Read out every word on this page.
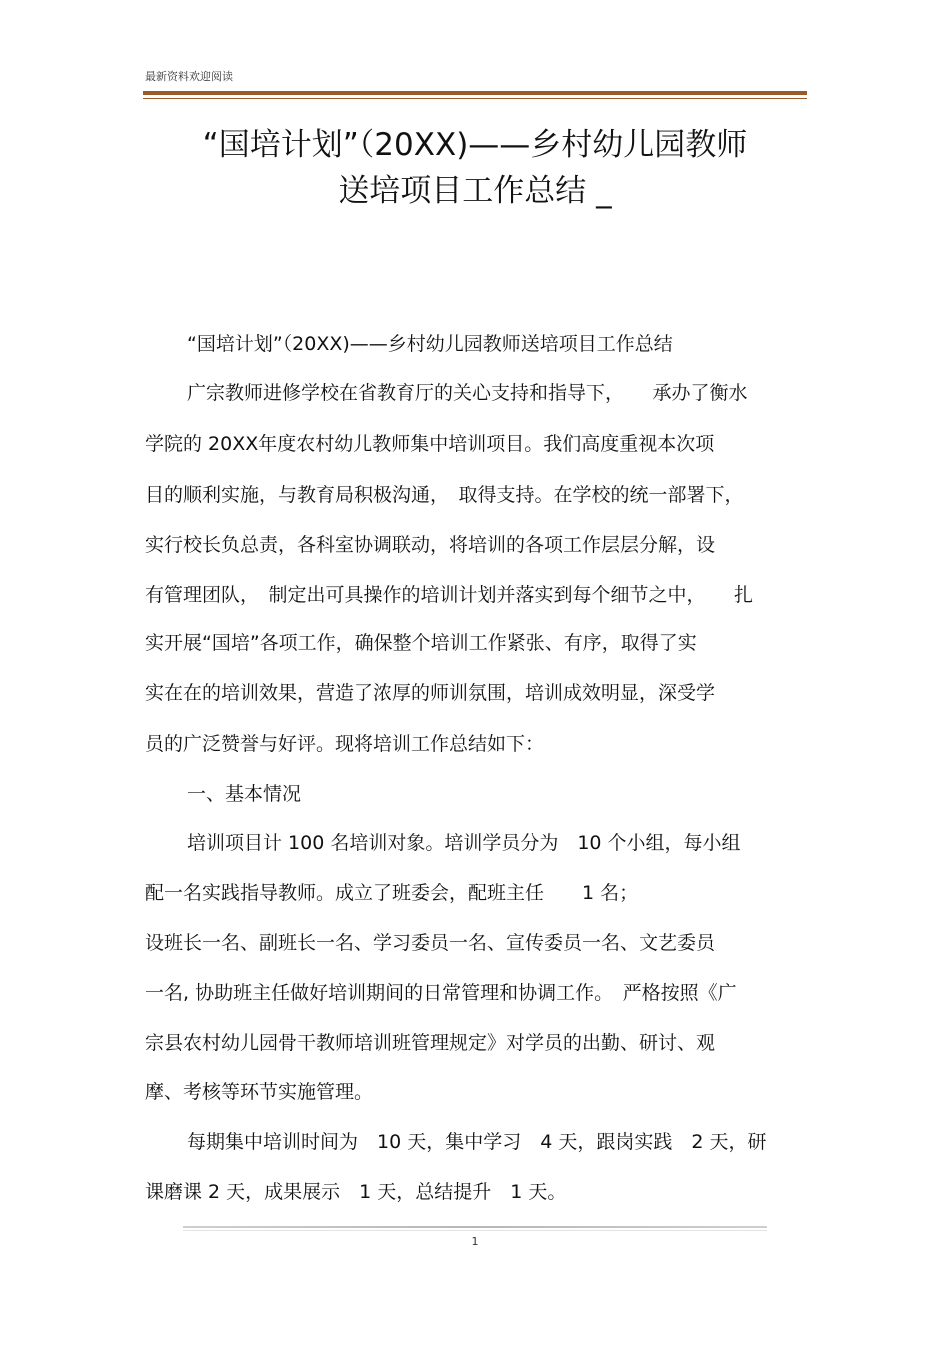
最新资料欢迎阅读
“国培计划”（20XX)——乡村幼儿园教师
送培项目工作总结 _
“国培计划”（20XX)——乡村幼儿园教师送培项目工作总结
广宗教师进修学校在省教育厅的关心支持和指导下，　　承办了衡水
学院的 20XX年度农村幼儿教师集中培训项目。我们高度重视本次项
目的顺利实施，与教育局积极沟通，　取得支持。在学校的统一部署下，
实行校长负总责，各科室协调联动，将培训的各项工作层层分解，设
有管理团队，　制定出可具操作的培训计划并落实到每个细节之中，　　扎
实开展“国培”各项工作，确保整个培训工作紧张、有序，取得了实
实在在的培训效果，营造了浓厚的师训氛围，培训成效明显，深受学
员的广泛赞誉与好评。现将培训工作总结如下：
一、基本情况
培训项目计 100 名培训对象。培训学员分为　10 个小组，每小组
配一名实践指导教师。成立了班委会，配班主任　　1 名；
设班长一名、副班长一名、学习委员一名、宣传委员一名、文艺委员
一名, 协助班主任做好培训期间的日常管理和协调工作。　严格按照《广
宗县农村幼儿园骨干教师培训班管理规定》对学员的出勤、研讨、观
摩、考核等环节实施管理。
每期集中培训时间为　10 天，集中学习　4 天，跟岗实践　2 天，研
课磨课 2 天，成果展示　1 天，总结提升　1 天。
1
